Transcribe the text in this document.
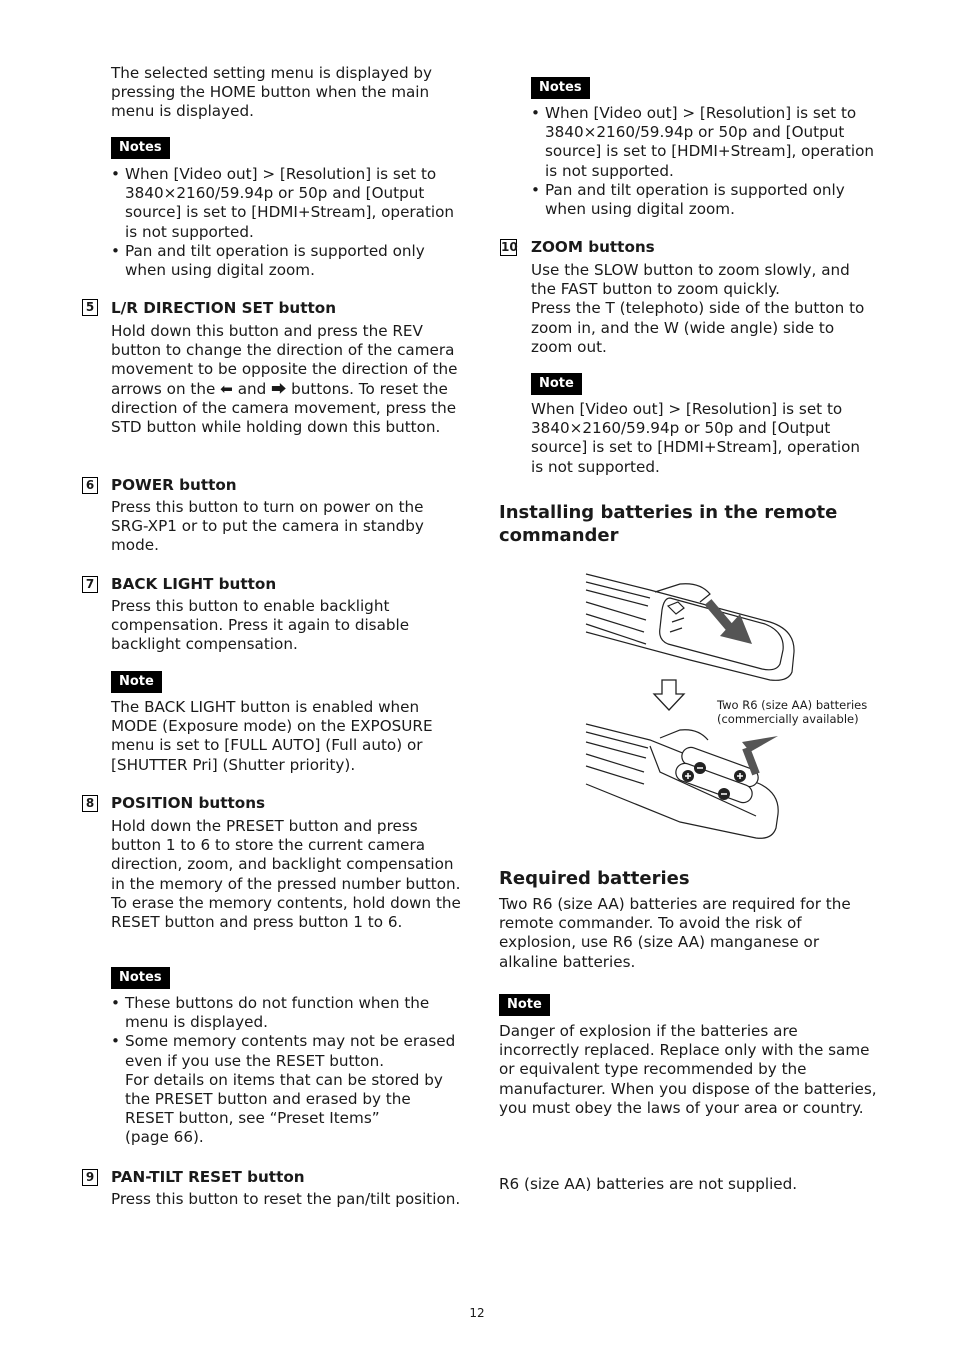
The selected setting menu is displayed by pressing the HOME button when the main menu is displayed.

Notes

• When [Video out] > [Resolution] is set to 3840×2160/59.94p or 50p and [Output source] is set to [HDMI+Stream], operation is not supported.

• Pan and tilt operation is supported only when using digital zoom.

5 L/R DIRECTION SET button

Hold down this button and press the REV button to change the direction of the camera movement to be opposite the direction of the arrows on the ⬅ and ⮕ buttons. To reset the direction of the camera movement, press the STD button while holding down this button.

6 POWER button

Press this button to turn on power on the SRG-XP1 or to put the camera in standby mode.

7 BACK LIGHT button

Press this button to enable backlight compensation. Press it again to disable backlight compensation.

Note

The BACK LIGHT button is enabled when MODE (Exposure mode) on the EXPOSURE menu is set to [FULL AUTO] (Full auto) or [SHUTTER Pri] (Shutter priority).

8 POSITION buttons

Hold down the PRESET button and press button 1 to 6 to store the current camera direction, zoom, and backlight compensation in the memory of the pressed number button.

To erase the memory contents, hold down the RESET button and press button 1 to 6.

Notes

• These buttons do not function when the menu is displayed.

• Some memory contents may not be erased even if you use the RESET button.

For details on items that can be stored by the PRESET button and erased by the RESET button, see “Preset Items”

(page 66).

9 PAN-TILT RESET button

Press this button to reset the pan/tilt position.

Notes

• When [Video out] > [Resolution] is set to 3840×2160/59.94p or 50p and [Output source] is set to [HDMI+Stream], operation is not supported.

• Pan and tilt operation is supported only when using digital zoom.

10 ZOOM buttons

Use the SLOW button to zoom slowly, and the FAST button to zoom quickly.

Press the T (telephoto) side of the button to zoom in, and the W (wide angle) side to zoom out.

Note

When [Video out] > [Resolution] is set to 3840×2160/59.94p or 50p and [Output source] is set to [HDMI+Stream], operation is not supported.

Installing batteries in the remote commander

Two R6 (size AA) batteries
(commercially available)

Required batteries

Two R6 (size AA) batteries are required for the remote commander. To avoid the risk of explosion, use R6 (size AA) manganese or alkaline batteries.

Note

Danger of explosion if the batteries are incorrectly replaced. Replace only with the same or equivalent type recommended by the manufacturer. When you dispose of the batteries, you must obey the laws of your area or country.

R6 (size AA) batteries are not supplied.

12
